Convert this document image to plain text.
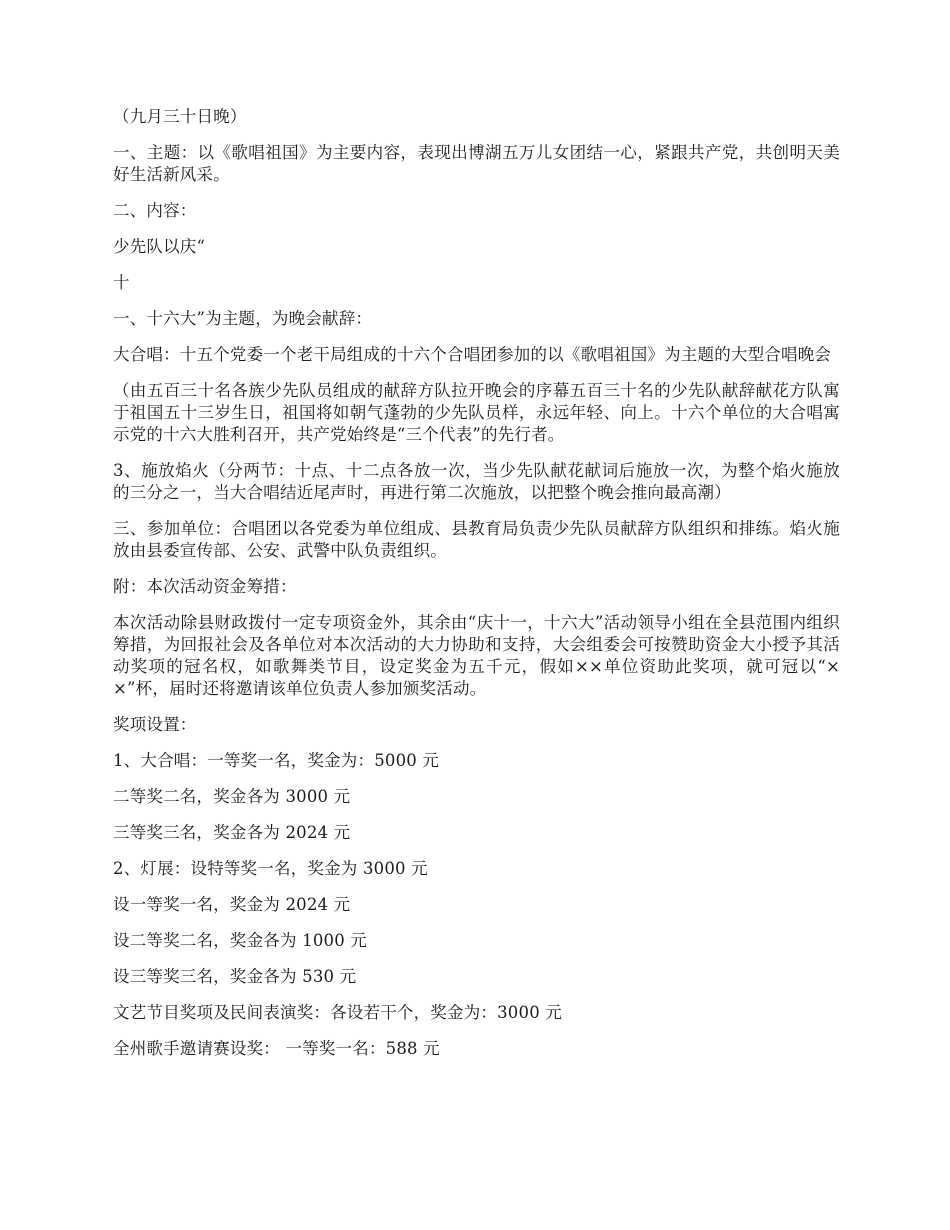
（九月三十日晚）

一、主题：以《歌唱祖国》为主要内容，表现出博湖五万儿女团结一心，紧跟共产党，共创明天美好生活新风采。

二、内容：

少先队以庆“

十

一、十六大”为主题，为晚会献辞：

大合唱：十五个党委一个老干局组成的十六个合唱团参加的以《歌唱祖国》为主题的大型合唱晚会

（由五百三十名各族少先队员组成的献辞方队拉开晚会的序幕五百三十名的少先队献辞献花方队寓于祖国五十三岁生日，祖国将如朝气蓬勃的少先队员样，永远年轻、向上。十六个单位的大合唱寓示党的十六大胜利召开，共产党始终是“三个代表”的先行者。

3、施放焰火（分两节：十点、十二点各放一次，当少先队献花献词后施放一次，为整个焰火施放的三分之一，当大合唱结近尾声时，再进行第二次施放，以把整个晚会推向最高潮）

三、参加单位：合唱团以各党委为单位组成、县教育局负责少先队员献辞方队组织和排练。焰火施放由县委宣传部、公安、武警中队负责组织。

附：本次活动资金筹措：

本次活动除县财政拨付一定专项资金外，其余由“庆十一，十六大”活动领导小组在全县范围内组织筹措，为回报社会及各单位对本次活动的大力协助和支持，大会组委会可按赞助资金大小授予其活动奖项的冠名权，如歌舞类节目，设定奖金为五千元，假如××单位资助此奖项，就可冠以“××”杯，届时还将邀请该单位负责人参加颁奖活动。

奖项设置：

1、大合唱：一等奖一名，奖金为：5000 元

二等奖二名，奖金各为 3000 元

三等奖三名，奖金各为 2024 元

2、灯展：设特等奖一名，奖金为 3000 元

设一等奖一名，奖金为 2024 元

设二等奖二名，奖金各为 1000 元

设三等奖三名，奖金各为 530 元

文艺节目奖项及民间表演奖：各设若干个，奖金为：3000 元

全州歌手邀请赛设奖： 一等奖一名：588 元
